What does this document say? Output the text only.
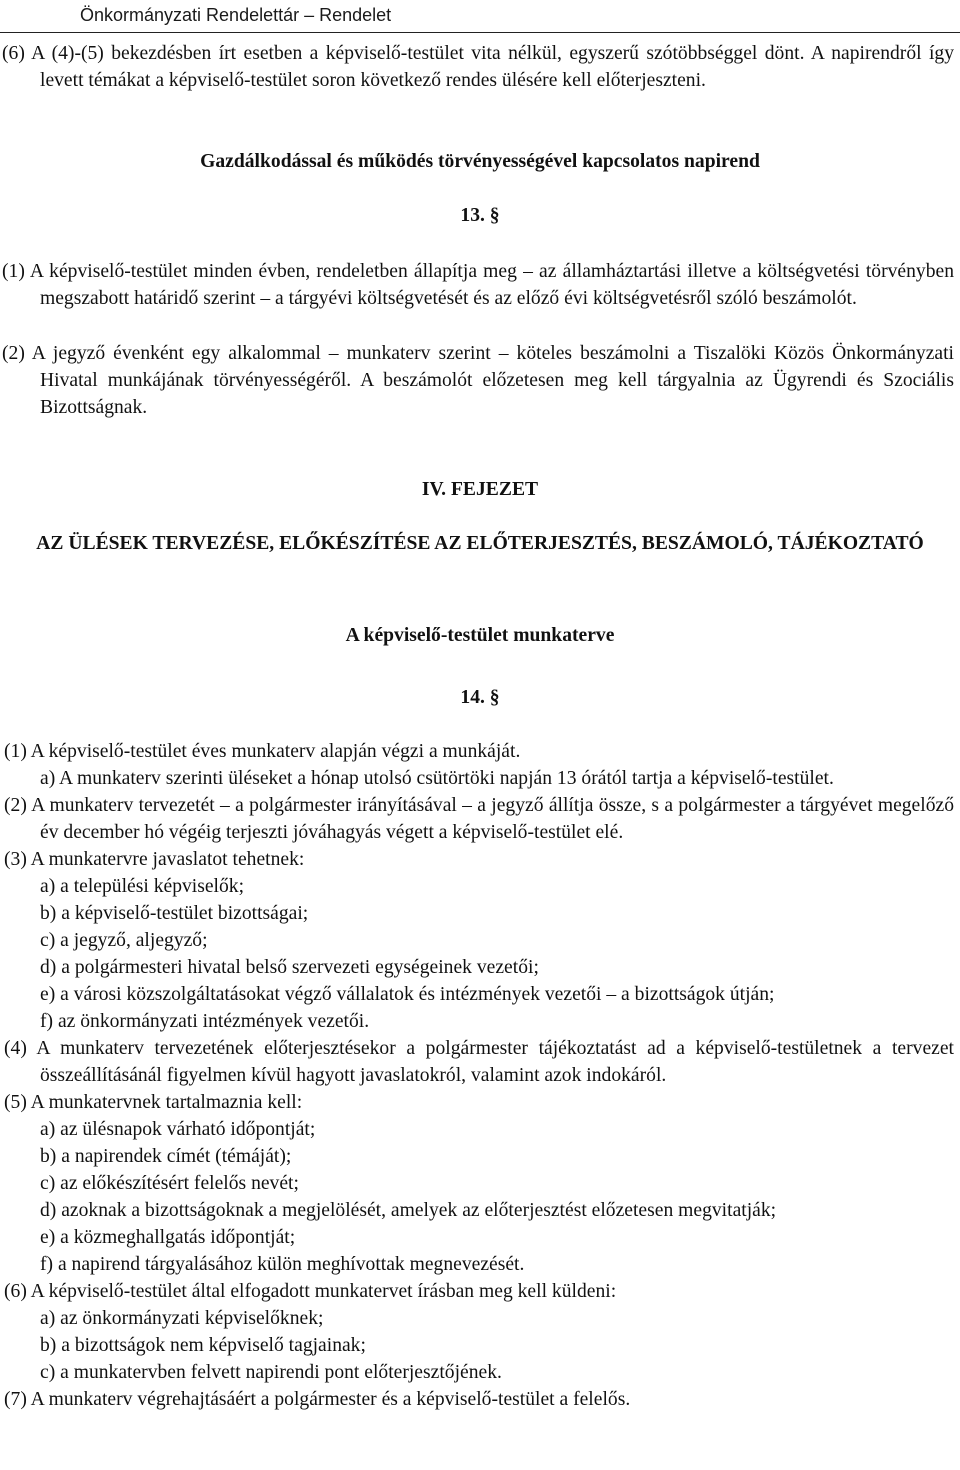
Önkormányzati Rendelettár – Rendelet

(6) A (4)-(5) bekezdésben írt esetben a képviselő-testület vita nélkül, egyszerű szótöbbséggel dönt. A napirendről így levett témákat a képviselő-testület soron következő rendes ülésére kell előterjeszteni.

Gazdálkodással és működés törvényességével kapcsolatos napirend
13. §

(1) A képviselő-testület minden évben, rendeletben állapítja meg – az államháztartási illetve a költségvetési törvényben megszabott határidő szerint – a tárgyévi költségvetését és az előző évi költségvetésről szóló beszámolót.

(2) A jegyző évenként egy alkalommal – munkaterv szerint – köteles beszámolni a Tiszalöki Közös Önkormányzati Hivatal munkájának törvényességéről. A beszámolót előzetesen meg kell tárgyalnia az Ügyrendi és Szociális Bizottságnak.

IV. FEJEZET
AZ ÜLÉSEK TERVEZÉSE, ELŐKÉSZÍTÉSE AZ ELŐTERJESZTÉS, BESZÁMOLÓ, TÁJÉKOZTATÓ
A képviselő-testület munkaterve
14. §

(1) A képviselő-testület éves munkaterv alapján végzi a munkáját.

a) A munkaterv szerinti üléseket a hónap utolsó csütörtöki napján 13 órától tartja a képviselő-testület.

(2) A munkaterv tervezetét – a polgármester irányításával – a jegyző állítja össze, s a polgármester a tárgyévet megelőző év december hó végéig terjeszti jóváhagyás végett a képviselő-testület elé.

(3) A munkatervre javaslatot tehetnek:

a) a települési képviselők;

b) a képviselő-testület bizottságai;

c) a jegyző, aljegyző;

d) a polgármesteri hivatal belső szervezeti egységeinek vezetői;

e) a városi közszolgáltatásokat végző vállalatok és intézmények vezetői – a bizottságok útján;

f) az önkormányzati intézmények vezetői.

(4) A munkaterv tervezetének előterjesztésekor a polgármester tájékoztatást ad a képviselő-testületnek a tervezet összeállításánál figyelmen kívül hagyott javaslatokról, valamint azok indokáról.

(5) A munkatervnek tartalmaznia kell:

a) az ülésnapok várható időpontját;

b) a napirendek címét (témáját);

c) az előkészítésért felelős nevét;

d) azoknak a bizottságoknak a megjelölését, amelyek az előterjesztést előzetesen megvitatják;

e) a közmeghallgatás időpontját;

f) a napirend tárgyalásához külön meghívottak megnevezését.

(6) A képviselő-testület által elfogadott munkatervet írásban meg kell küldeni:

a) az önkormányzati képviselőknek;

b) a bizottságok nem képviselő tagjainak;

c) a munkatervben felvett napirendi pont előterjesztőjének.

(7) A munkaterv végrehajtásáért a polgármester és a képviselő-testület a felelős.
